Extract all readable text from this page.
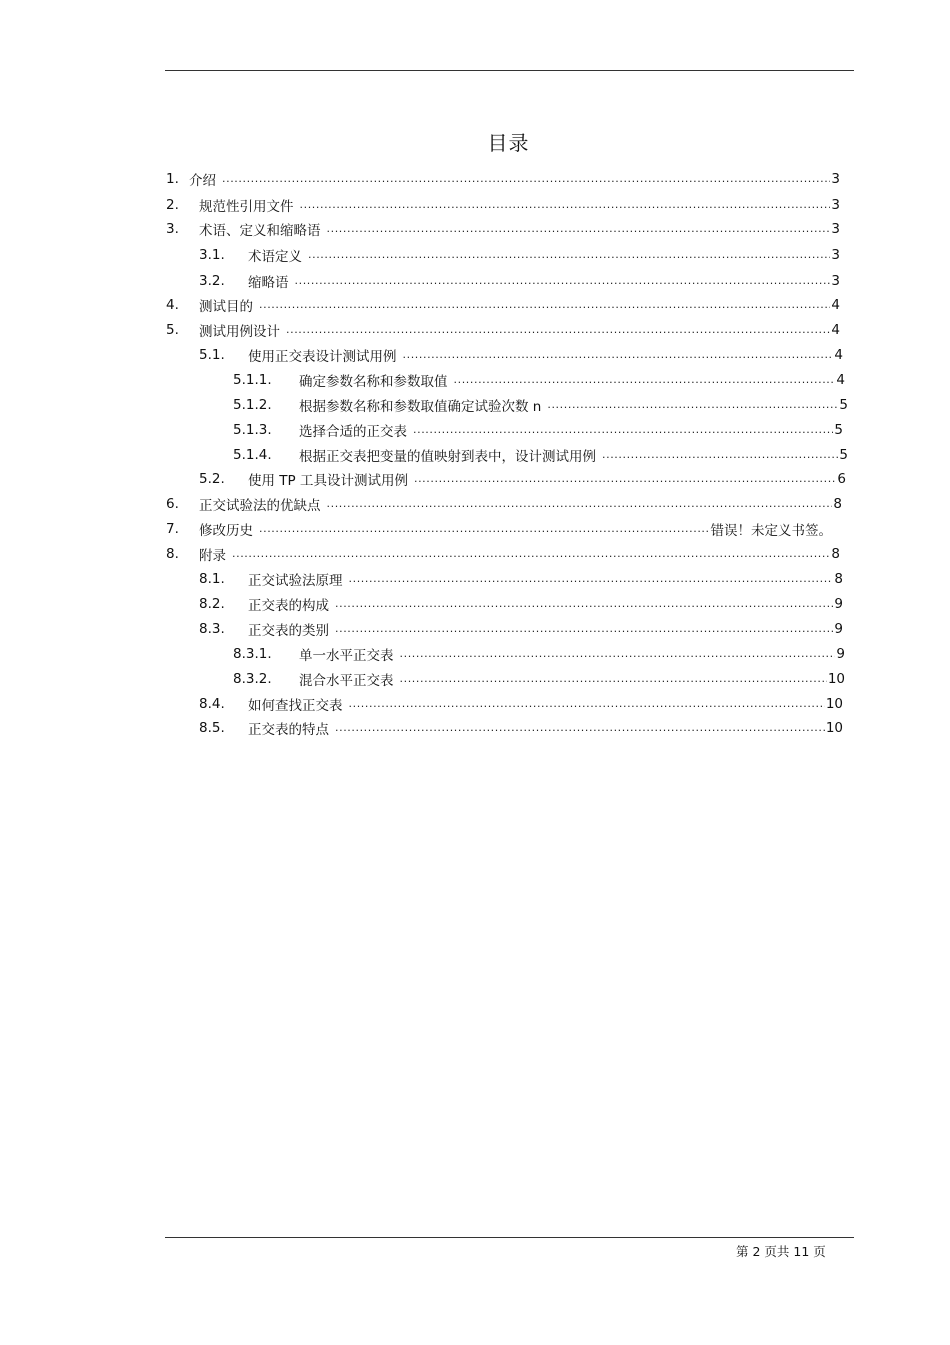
目录
1. 介绍 .....	3
2.	规范性引用文件 .....	3
3.	术语、定义和缩略语 .....	3
3.1.	术语定义 .....	3
3.2.	缩略语 .....	3
4.	测试目的 .....	4
5.	测试用例设计 .....	4
5.1.	使用正交表设计测试用例 .....	4
5.1.1.	确定参数名称和参数取值 .....	4
5.1.2.	根据参数名称和参数取值确定试验次数 n .....	5
5.1.3.	选择合适的正交表 .....	5
5.1.4.	根据正交表把变量的值映射到表中，设计测试用例 .....	5
5.2.	使用 TP 工具设计测试用例 .....	6
6.	正交试验法的优缺点 .....	8
7.	修改历史 .....	错误！未定义书签。
8.	附录 .....	8
8.1.	正交试验法原理 .....	8
8.2.	正交表的构成 .....	9
8.3.	正交表的类别 .....	9
8.3.1.	单一水平正交表 .....	9
8.3.2.	混合水平正交表 .....	10
8.4.	如何查找正交表 .....	10
8.5.	正交表的特点 .....	10
第 2 页共 11 页
